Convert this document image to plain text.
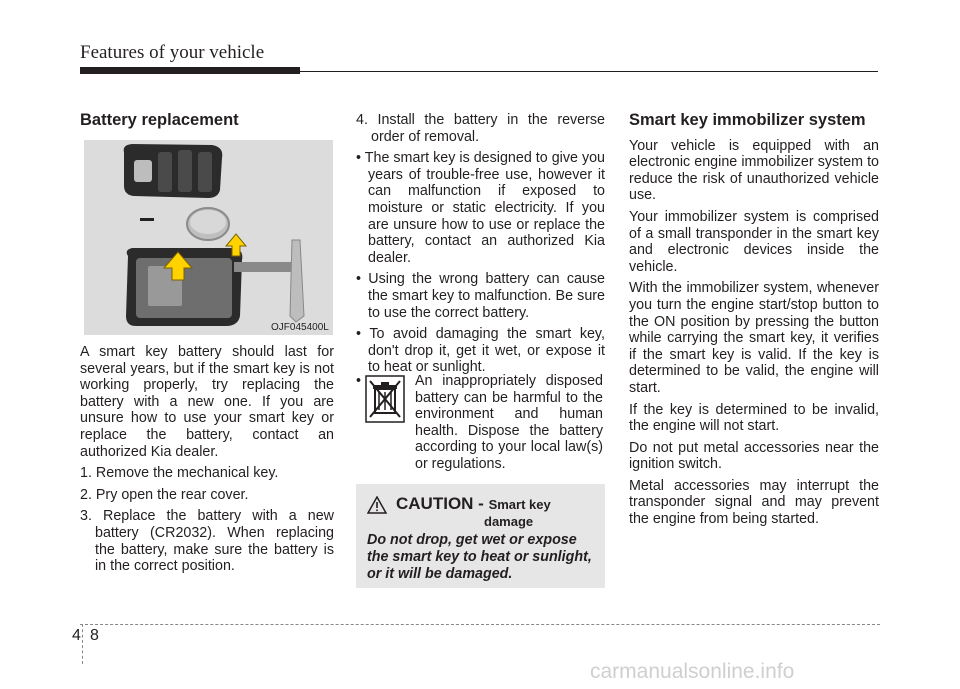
Features of your vehicle

Battery replacement

OJF045400L

A smart key battery should last for several years, but if the smart key is not working properly, try replacing the battery with a new one. If you are unsure how to use your smart key or replace the battery, contact an authorized Kia dealer.

1. Remove the mechanical key.

2. Pry open the rear cover.

3. Replace the battery with a new battery (CR2032). When replacing the battery, make sure the battery is in the correct position.

4. Install the battery in the reverse order of removal.

• The smart key is designed to give you years of trouble-free use, however it can malfunction if exposed to moisture or static electricity. If you are unsure how to use or replace the battery, contact an authorized Kia dealer.

• Using the wrong battery can cause the smart key to malfunction. Be sure to use the correct battery.

• To avoid damaging the smart key, don't drop it, get it wet, or expose it to heat or sunlight.

•	An inappropriately disposed battery can be harmful to the environment and human health. Dispose the battery according to your local law(s) or regulations.
CAUTION - Smart key
damage
Do not drop, get wet or expose the smart key to heat or sunlight, or it will be damaged.

Smart key immobilizer system

Your vehicle is equipped with an electronic engine immobilizer system to reduce the risk of unauthorized vehicle use.

Your immobilizer system is comprised of a small transponder in the smart key and electronic devices inside the vehicle.

With the immobilizer system, whenever you turn the engine start/stop button to the ON position by pressing the button while carrying the smart key, it verifies if the smart key is valid. If the key is determined to be valid, the engine will start.

If the key is determined to be invalid, the engine will not start.

Do not put metal accessories near the ignition switch.

Metal accessories may interrupt the transponder signal and may prevent the engine from being started.

4 8
carmanualsonline.info
